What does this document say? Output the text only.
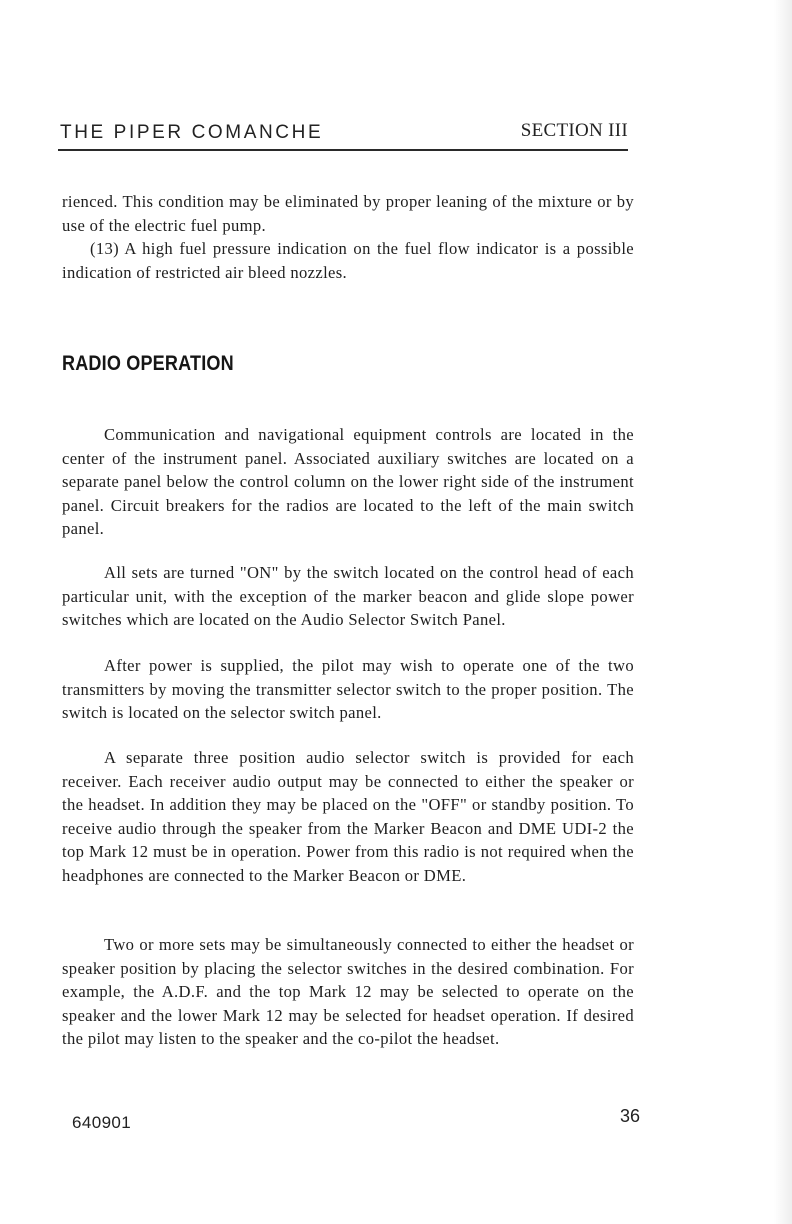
THE PIPER COMANCHE	SECTION III

rienced. This condition may be eliminated by proper leaning of the mixture or by use of the electric fuel pump.

(13) A high fuel pressure indication on the fuel flow indicator is a possible indication of restricted air bleed nozzles.

RADIO OPERATION

Communication and navigational equipment controls are located in the center of the instrument panel. Associated auxiliary switches are located on a separate panel below the control column on the lower right side of the instrument panel. Circuit breakers for the radios are located to the left of the main switch panel.

All sets are turned "ON" by the switch located on the control head of each particular unit, with the exception of the marker beacon and glide slope power switches which are located on the Audio Selector Switch Panel.

After power is supplied, the pilot may wish to operate one of the two transmitters by moving the transmitter selector switch to the proper position. The switch is located on the selector switch panel.

A separate three position audio selector switch is provided for each receiver. Each receiver audio output may be connected to either the speaker or the headset. In addition they may be placed on the "OFF" or standby position. To receive audio through the speaker from the Marker Beacon and DME UDI-2 the top Mark 12 must be in operation. Power from this radio is not required when the headphones are connected to the Marker Beacon or DME.

Two or more sets may be simultaneously connected to either the headset or speaker position by placing the selector switches in the desired combination. For example, the A.D.F. and the top Mark 12 may be selected to operate on the speaker and the lower Mark 12 may be selected for headset operation. If desired the pilot may listen to the speaker and the co-pilot the headset.

640901	36
